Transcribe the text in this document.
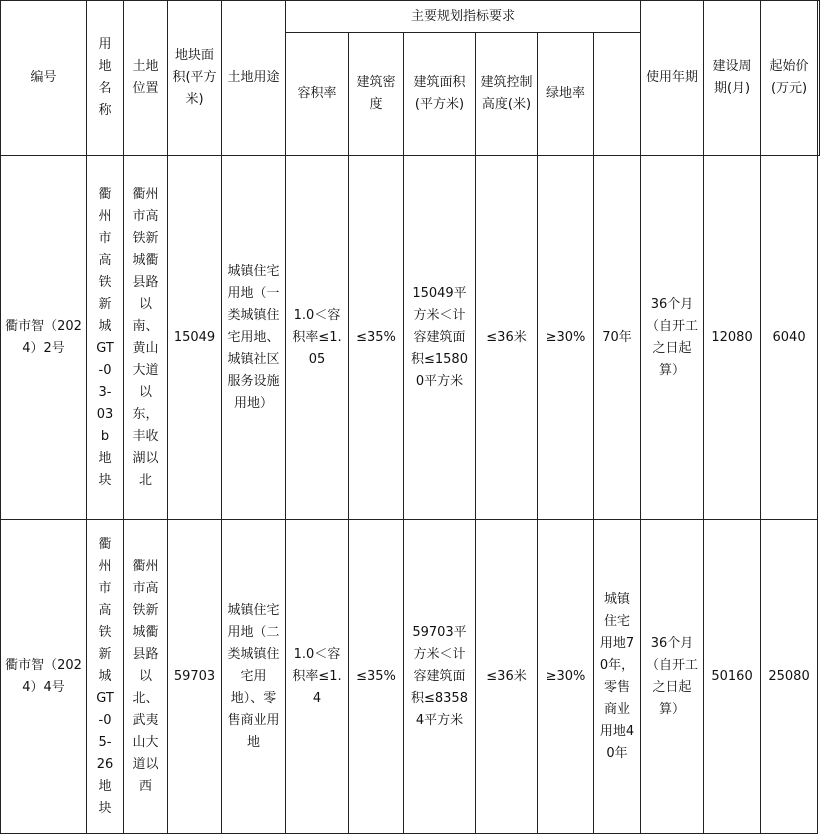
编号	用地名称	土地位置	地块面积(平方米)	土地用途	主要规划指标要求						使用年期	建设周期(月)	起始价(万元)	
					容积率	建筑密度	建筑面积(平方米)	建筑控制高度(米)	绿地率					
衢市智（2024）2号	衢州市高铁新城GT-03-03b地块	衢州市高铁新城衢县路以南、黄山大道以东，丰收湖以北	15049	城镇住宅用地（一类城镇住宅用地、城镇社区服务设施用地）	1.0＜容积率≤1.05	≤35%	15049平方米＜计容建筑面积≤15800平方米	≤36米	≥30%	70年	36个月（自开工之日起算）	12080	6040	
衢市智（2024）4号	衢州市高铁新城GT-05-26地块	衢州市高铁新城衢县路以北、武夷山大道以西	59703	城镇住宅用地（二类城镇住宅用地）、零售商业用地	1.0＜容积率≤1.4	≤35%	59703平方米＜计容建筑面积≤83584平方米	≤36米	≥30%	城镇住宅用地70年，零售商业用地40年	36个月（自开工之日起算）	50160	25080	
